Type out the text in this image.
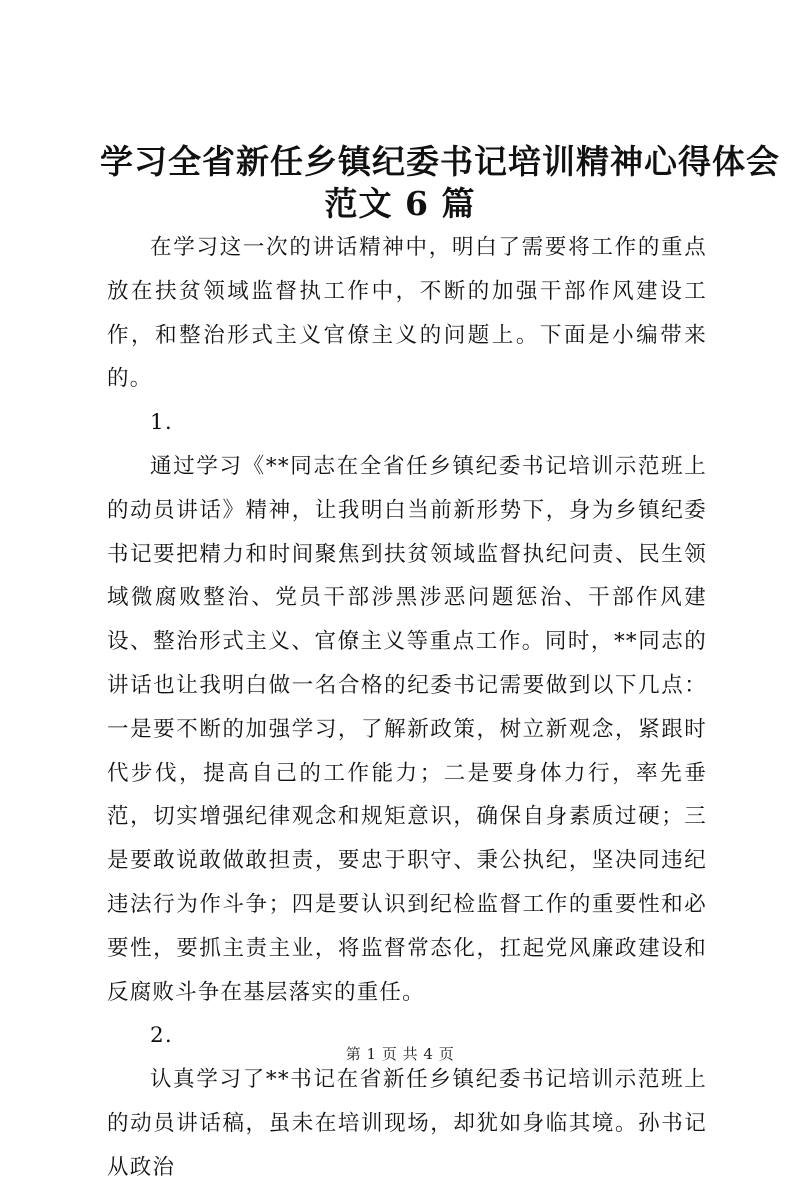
学习全省新任乡镇纪委书记培训精神心得体会
范文 6 篇

在学习这一次的讲话精神中，明白了需要将工作的重点放在扶贫领域监督执工作中，不断的加强干部作风建设工作，和整治形式主义官僚主义的问题上。下面是小编带来的。

1.

通过学习《**同志在全省任乡镇纪委书记培训示范班上的动员讲话》精神，让我明白当前新形势下，身为乡镇纪委书记要把精力和时间聚焦到扶贫领域监督执纪问责、民生领域微腐败整治、党员干部涉黑涉恶问题惩治、干部作风建设、整治形式主义、官僚主义等重点工作。同时，**同志的讲话也让我明白做一名合格的纪委书记需要做到以下几点：一是要不断的加强学习，了解新政策，树立新观念，紧跟时代步伐，提高自己的工作能力；二是要身体力行，率先垂范，切实增强纪律观念和规矩意识，确保自身素质过硬；三是要敢说敢做敢担责，要忠于职守、秉公执纪，坚决同违纪违法行为作斗争；四是要认识到纪检监督工作的重要性和必要性，要抓主责主业，将监督常态化，扛起党风廉政建设和反腐败斗争在基层落实的重任。

2.

认真学习了**书记在省新任乡镇纪委书记培训示范班上的动员讲话稿，虽未在培训现场，却犹如身临其境。孙书记从政治

第 1 页 共 4 页
